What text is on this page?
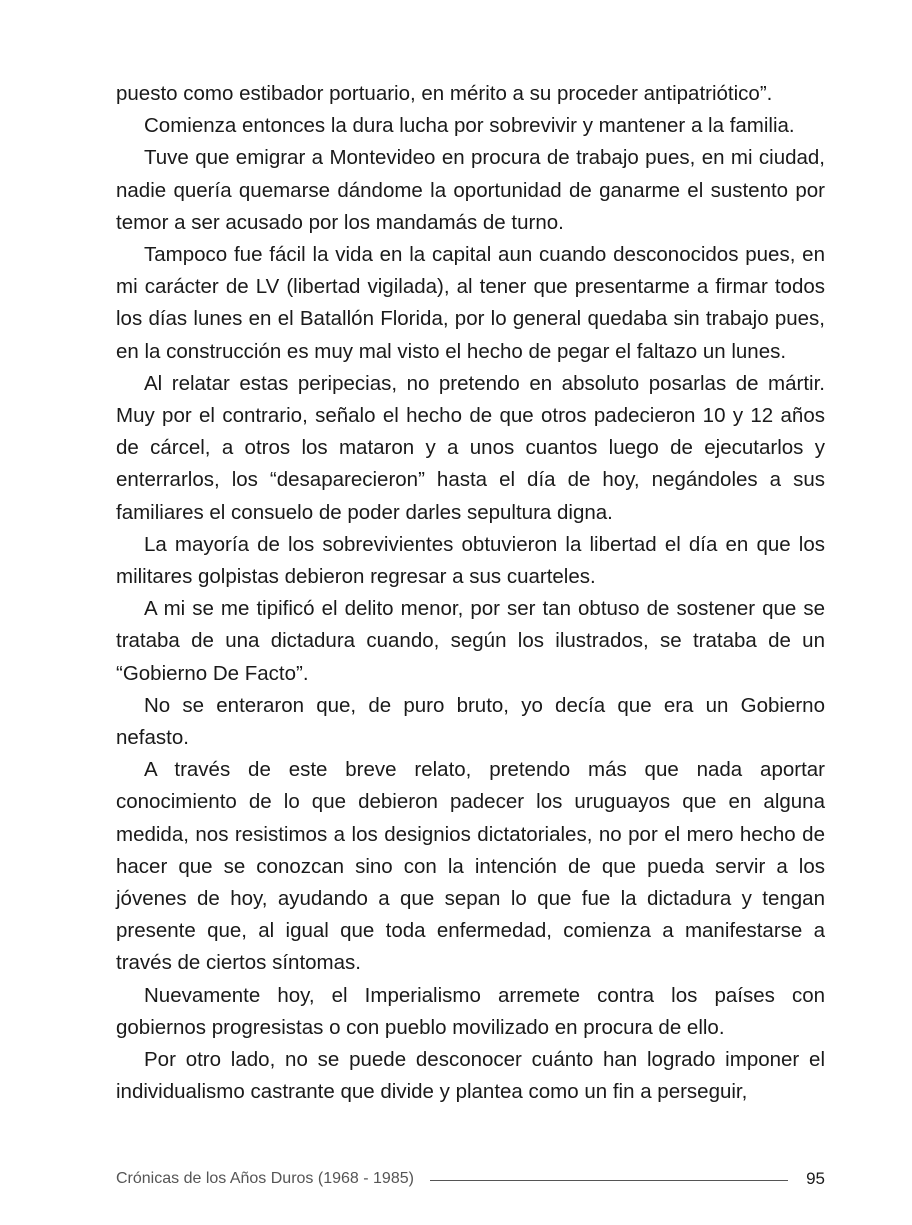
puesto como estibador portuario, en mérito a su proceder antipatriótico”.

Comienza entonces la dura lucha por sobrevivir y mantener a la familia.

Tuve que emigrar a Montevideo en procura de trabajo pues, en mi ciudad, nadie quería quemarse dándome la oportunidad de ganarme el sustento por temor a ser acusado por los mandamás de turno.

Tampoco fue fácil la vida en la capital aun cuando desconocidos pues, en mi carácter de LV (libertad vigilada), al tener que presentarme a firmar todos los días lunes en el Batallón Florida, por lo general quedaba sin trabajo pues, en la construcción es muy mal visto el hecho de pegar el faltazo un lunes.

Al relatar estas peripecias, no pretendo en absoluto posarlas de mártir. Muy por el contrario, señalo el hecho de que otros padecieron 10 y 12 años de cárcel, a otros los mataron y a unos cuantos luego de ejecutarlos y enterrarlos, los “desaparecieron” hasta el día de hoy, negándoles a sus familiares el consuelo de poder darles sepultura digna.

La mayoría de los sobrevivientes obtuvieron la libertad el día en que los militares golpistas debieron regresar a sus cuarteles.

A mi se me tipificó el delito menor, por ser tan obtuso de sostener que se trataba de una dictadura cuando, según los ilustrados, se trataba de un “Gobierno De Facto”.

No se enteraron que, de puro bruto, yo decía que era un Gobierno nefasto.

A través de este breve relato, pretendo más que nada aportar conocimiento de lo que debieron padecer los uruguayos que en alguna medida, nos resistimos a los designios dictatoriales, no por el mero hecho de hacer que se conozcan sino con la intención de que pueda servir a los jóvenes de hoy, ayudando a que sepan lo que fue la dictadura y tengan presente que, al igual que toda enfermedad, comienza a manifestarse a través de ciertos síntomas.

Nuevamente hoy, el Imperialismo arremete contra los países con gobiernos progresistas o con pueblo movilizado en procura de ello.

Por otro lado, no se puede desconocer cuánto han logrado imponer el individualismo castrante que divide y plantea como un fin a perseguir,

Crónicas de los Años Duros (1968 - 1985)	95
